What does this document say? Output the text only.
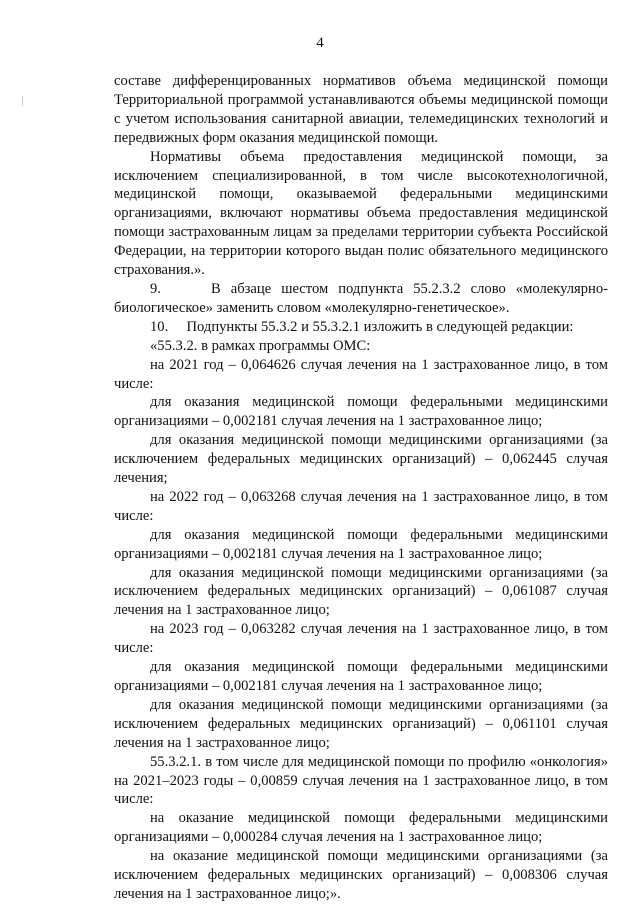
4

составе дифференцированных нормативов объема медицинской помощи Территориальной программой устанавливаются объемы медицинской помощи с учетом использования санитарной авиации, телемедицинских технологий и передвижных форм оказания медицинской помощи.

Нормативы объема предоставления медицинской помощи, за исключением специализированной, в том числе высокотехнологичной, медицинской помощи, оказываемой федеральными медицинскими организациями, включают нормативы объема предоставления медицинской помощи застрахованным лицам за пределами территории субъекта Российской Федерации, на территории которого выдан полис обязательного медицинского страхования.».

9.     В абзаце шестом подпункта 55.2.3.2 слово «молекулярно-биологическое» заменить словом «молекулярно-генетическое».

10.     Подпункты 55.3.2 и 55.3.2.1 изложить в следующей редакции:

«55.3.2. в рамках программы ОМС:

на 2021 год – 0,064626 случая лечения на 1 застрахованное лицо, в том числе:

для оказания медицинской помощи федеральными медицинскими организациями – 0,002181 случая лечения на 1 застрахованное лицо;

для оказания медицинской помощи медицинскими организациями (за исключением федеральных медицинских организаций) – 0,062445 случая лечения;

на 2022 год – 0,063268 случая лечения на 1 застрахованное лицо, в том числе:

для оказания медицинской помощи федеральными медицинскими организациями – 0,002181 случая лечения на 1 застрахованное лицо;

для оказания медицинской помощи медицинскими организациями (за исключением федеральных медицинских организаций) – 0,061087 случая лечения на 1 застрахованное лицо;

на 2023 год – 0,063282 случая лечения на 1 застрахованное лицо, в том числе:

для оказания медицинской помощи федеральными медицинскими организациями – 0,002181 случая лечения на 1 застрахованное лицо;

для оказания медицинской помощи медицинскими организациями (за исключением федеральных медицинских организаций) – 0,061101 случая лечения на 1 застрахованное лицо;

55.3.2.1. в том числе для медицинской помощи по профилю «онкология» на 2021–2023 годы – 0,00859 случая лечения на 1 застрахованное лицо, в том числе:

на оказание медицинской помощи федеральными медицинскими организациями – 0,000284 случая лечения на 1 застрахованное лицо;

на оказание медицинской помощи медицинскими организациями (за исключением федеральных медицинских организаций) – 0,008306 случая лечения на 1 застрахованное лицо;».
